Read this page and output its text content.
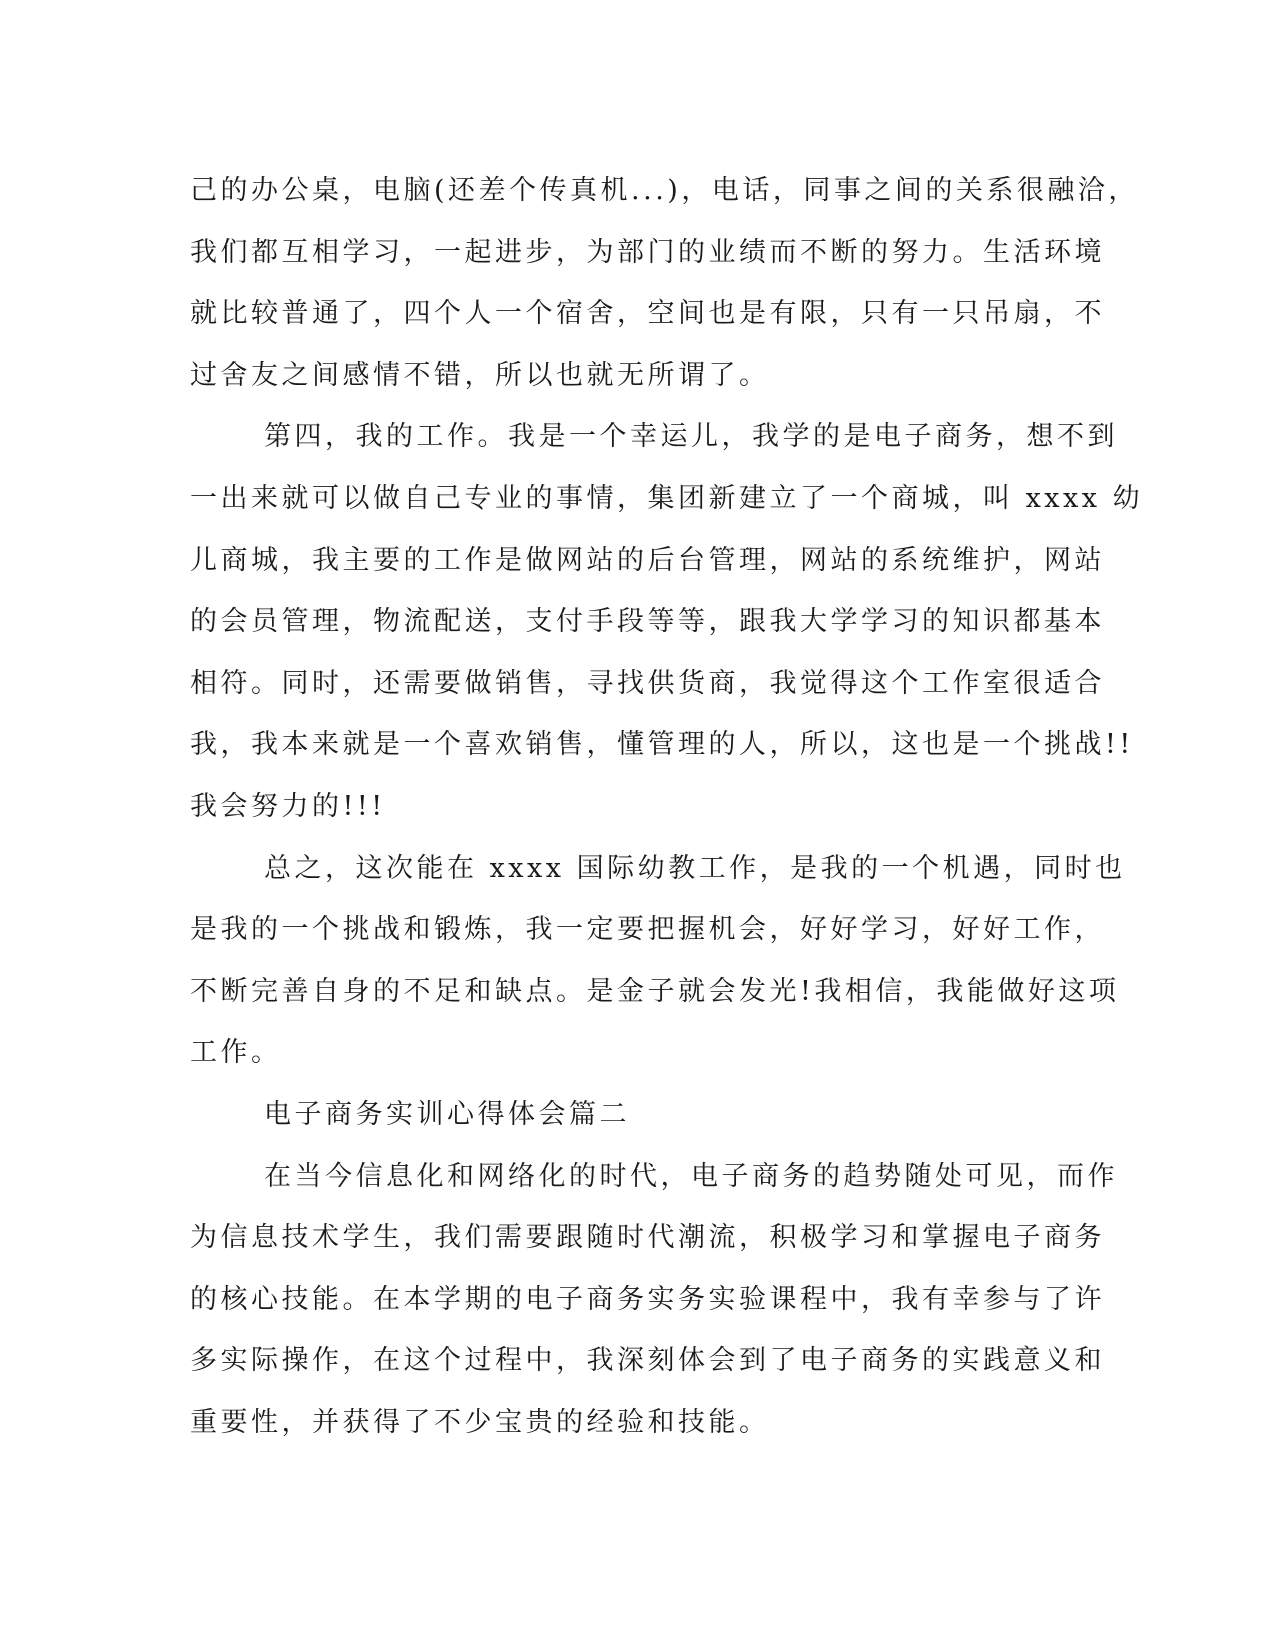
己的办公桌，电脑(还差个传真机...)，电话，同事之间的关系很融洽，
我们都互相学习，一起进步，为部门的业绩而不断的努力。生活环境
就比较普通了，四个人一个宿舍，空间也是有限，只有一只吊扇，不
过舍友之间感情不错，所以也就无所谓了。
第四，我的工作。我是一个幸运儿，我学的是电子商务，想不到
一出来就可以做自己专业的事情，集团新建立了一个商城，叫 xxxx 幼
儿商城，我主要的工作是做网站的后台管理，网站的系统维护，网站
的会员管理，物流配送，支付手段等等，跟我大学学习的知识都基本
相符。同时，还需要做销售，寻找供货商，我觉得这个工作室很适合
我，我本来就是一个喜欢销售，懂管理的人，所以，这也是一个挑战!!
我会努力的!!!
总之，这次能在 xxxx 国际幼教工作，是我的一个机遇，同时也
是我的一个挑战和锻炼，我一定要把握机会，好好学习，好好工作，
不断完善自身的不足和缺点。是金子就会发光!我相信，我能做好这项
工作。
电子商务实训心得体会篇二
在当今信息化和网络化的时代，电子商务的趋势随处可见，而作
为信息技术学生，我们需要跟随时代潮流，积极学习和掌握电子商务
的核心技能。在本学期的电子商务实务实验课程中，我有幸参与了许
多实际操作，在这个过程中，我深刻体会到了电子商务的实践意义和
重要性，并获得了不少宝贵的经验和技能。
